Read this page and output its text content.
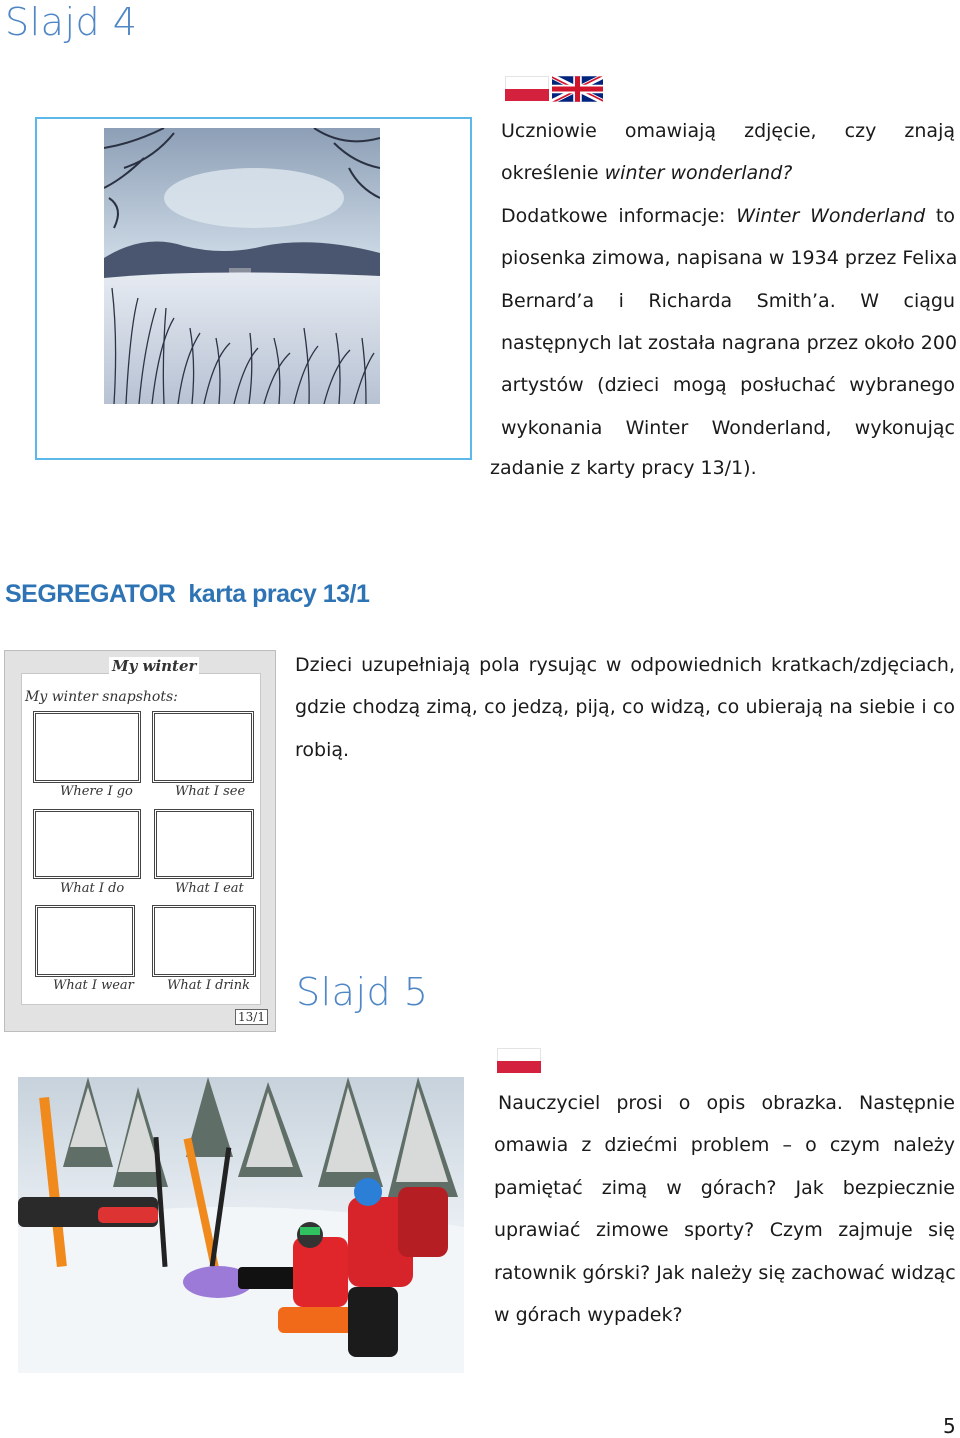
Slajd 4
Uczniowie omawiają zdjęcie, czy znają
określenie winter wonderland?
Dodatkowe informacje: Winter Wonderland to
piosenka zimowa, napisana w 1934 przez Felixa
Bernard’a i Richarda Smith’a. W ciągu
następnych lat została nagrana przez około 200
artystów (dzieci mogą posłuchać wybranego
wykonania Winter Wonderland, wykonując
zadanie z karty pracy 13/1).
SEGREGATOR  karta pracy 13/1
My winter
My winter snapshots:
Where I go	What I see
What I do	What I eat
What I wear	What I drink
13/1
Dzieci uzupełniają pola rysując w odpowiednich kratkach/zdjęciach,
gdzie chodzą zimą, co jedzą, piją, co widzą, co ubierają na siebie i co
robią.
Slajd 5
Nauczyciel prosi o opis obrazka. Następnie
omawia z dziećmi problem – o czym należy
pamiętać zimą w górach? Jak bezpiecznie
uprawiać zimowe sporty? Czym zajmuje się
ratownik górski? Jak należy się zachować widząc
w górach wypadek?
5
